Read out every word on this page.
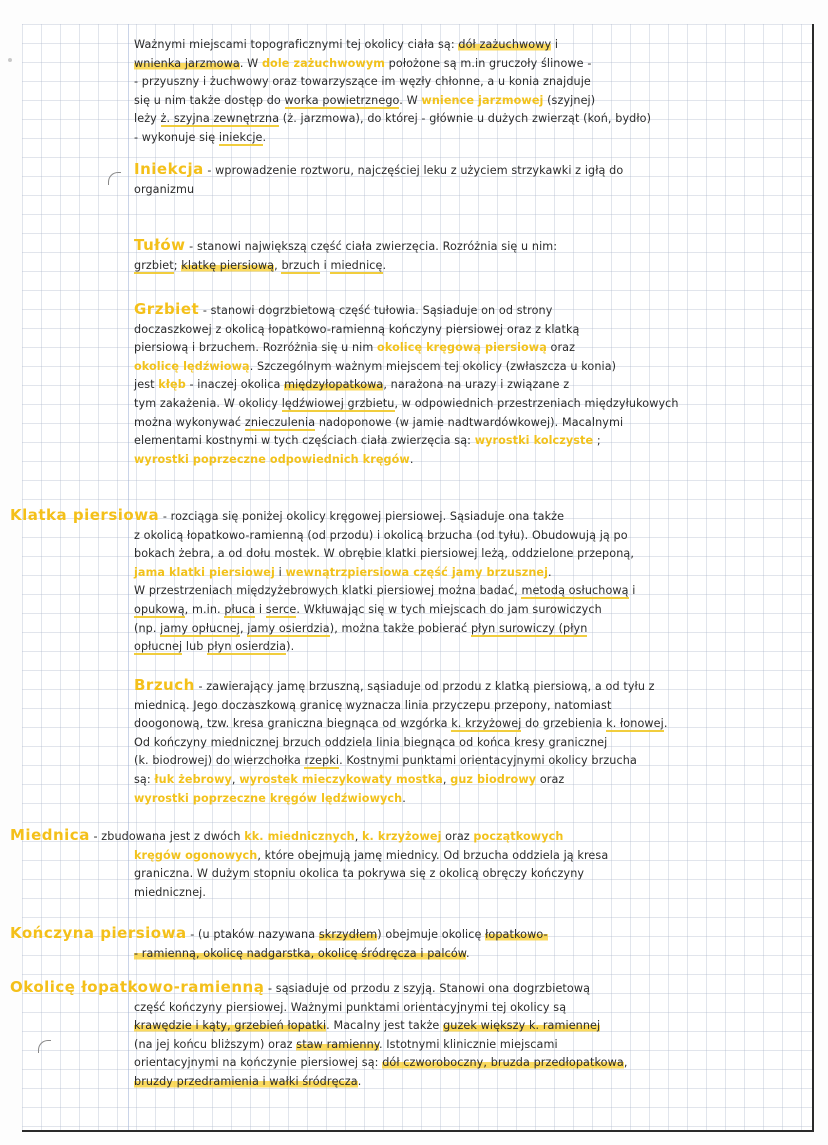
Ważnymi miejscami topograficznymi tej okolicy ciała są: dół zażuchwowy i
wnienka jarzmowa. W dole zażuchwowym położone są m.in gruczoły ślinowe -
- przyuszny i żuchwowy oraz towarzyszące im węzły chłonne, a u konia znajduje
się u nim także dostęp do worka powietrznego. W wnience jarzmowej (szyjnej)
leży ż. szyjna zewnętrzna (ż. jarzmowa), do której - głównie u dużych zwierząt (koń, bydło)
- wykonuje się iniekcje.
Iniekcja - wprowadzenie roztworu, najczęściej leku z użyciem strzykawki z igłą do
organizmu
Tułów - stanowi największą część ciała zwierzęcia. Rozróżnia się u nim:
grzbiet; klatkę piersiową, brzuch i miednicę.
Grzbiet - stanowi dogrzbietową część tułowia. Sąsiaduje on od strony
doczaszkowej z okolicą łopatkowo-ramienną kończyny piersiowej oraz z klatką
piersiową i brzuchem. Rozróżnia się u nim okolicę kręgową piersiową oraz
okolicę lędźwiową. Szczególnym ważnym miejscem tej okolicy (zwłaszcza u konia)
jest kłęb - inaczej okolica międzyłopatkowa, narażona na urazy i związane z
tym zakażenia. W okolicy lędźwiowej grzbietu, w odpowiednich przestrzeniach międzyłukowych
można wykonywać znieczulenia nadoponowe (w jamie nadtwardówkowej). Macalnymi
elementami kostnymi w tych częściach ciała zwierzęcia są: wyrostki kolczyste ;
wyrostki poprzeczne odpowiednich kręgów.
Klatka piersiowa - rozciąga się poniżej okolicy kręgowej piersiowej. Sąsiaduje ona także
z okolicą łopatkowo-ramienną (od przodu) i okolicą brzucha (od tyłu). Obudowują ją po
bokach żebra, a od dołu mostek. W obrębie klatki piersiowej leżą, oddzielone przeponą,
jama klatki piersiowej i wewnątrzpiersiowa część jamy brzusznej.
W przestrzeniach międzyżebrowych klatki piersiowej można badać, metodą osłuchową i
opukową, m.in. płuca i serce. Wkłuwając się w tych miejscach do jam surowiczych
(np. jamy opłucnej, jamy osierdzia), można także pobierać płyn surowiczy (płyn
opłucnej lub płyn osierdzia).
Brzuch - zawierający jamę brzuszną, sąsiaduje od przodu z klatką piersiową, a od tyłu z
miednicą. Jego doczaszkową granicę wyznacza linia przyczepu przepony, natomiast
doogonową, tzw. kresa graniczna biegnąca od wzgórka k. krzyżowej do grzebienia k. łonowej.
Od kończyny miednicznej brzuch oddziela linia biegnąca od końca kresy granicznej
(k. biodrowej) do wierzchołka rzepki. Kostnymi punktami orientacyjnymi okolicy brzucha
są: łuk żebrowy, wyrostek mieczykowaty mostka, guz biodrowy oraz
wyrostki poprzeczne kręgów lędźwiowych.
Miednica - zbudowana jest z dwóch kk. miednicznych, k. krzyżowej oraz początkowych
kręgów ogonowych, które obejmują jamę miednicy. Od brzucha oddziela ją kresa
graniczna. W dużym stopniu okolica ta pokrywa się z okolicą obręczy kończyny
miednicznej.
Kończyna piersiowa - (u ptaków nazywana skrzydłem) obejmuje okolicę łopatkowo-
- ramienną, okolicę nadgarstka, okolicę śródręcza i palców.
Okolicę łopatkowo-ramienną - sąsiaduje od przodu z szyją. Stanowi ona dogrzbietową
część kończyny piersiowej. Ważnymi punktami orientacyjnymi tej okolicy są
krawędzie i kąty, grzebień łopatki. Macalny jest także guzek większy k. ramiennej
(na jej końcu bliższym) oraz staw ramienny. Istotnymi klinicznie miejscami
orientacyjnymi na kończynie piersiowej są: dół czworoboczny, bruzda przedłopatkowa,
bruzdy przedramienia i wałki śródręcza.
